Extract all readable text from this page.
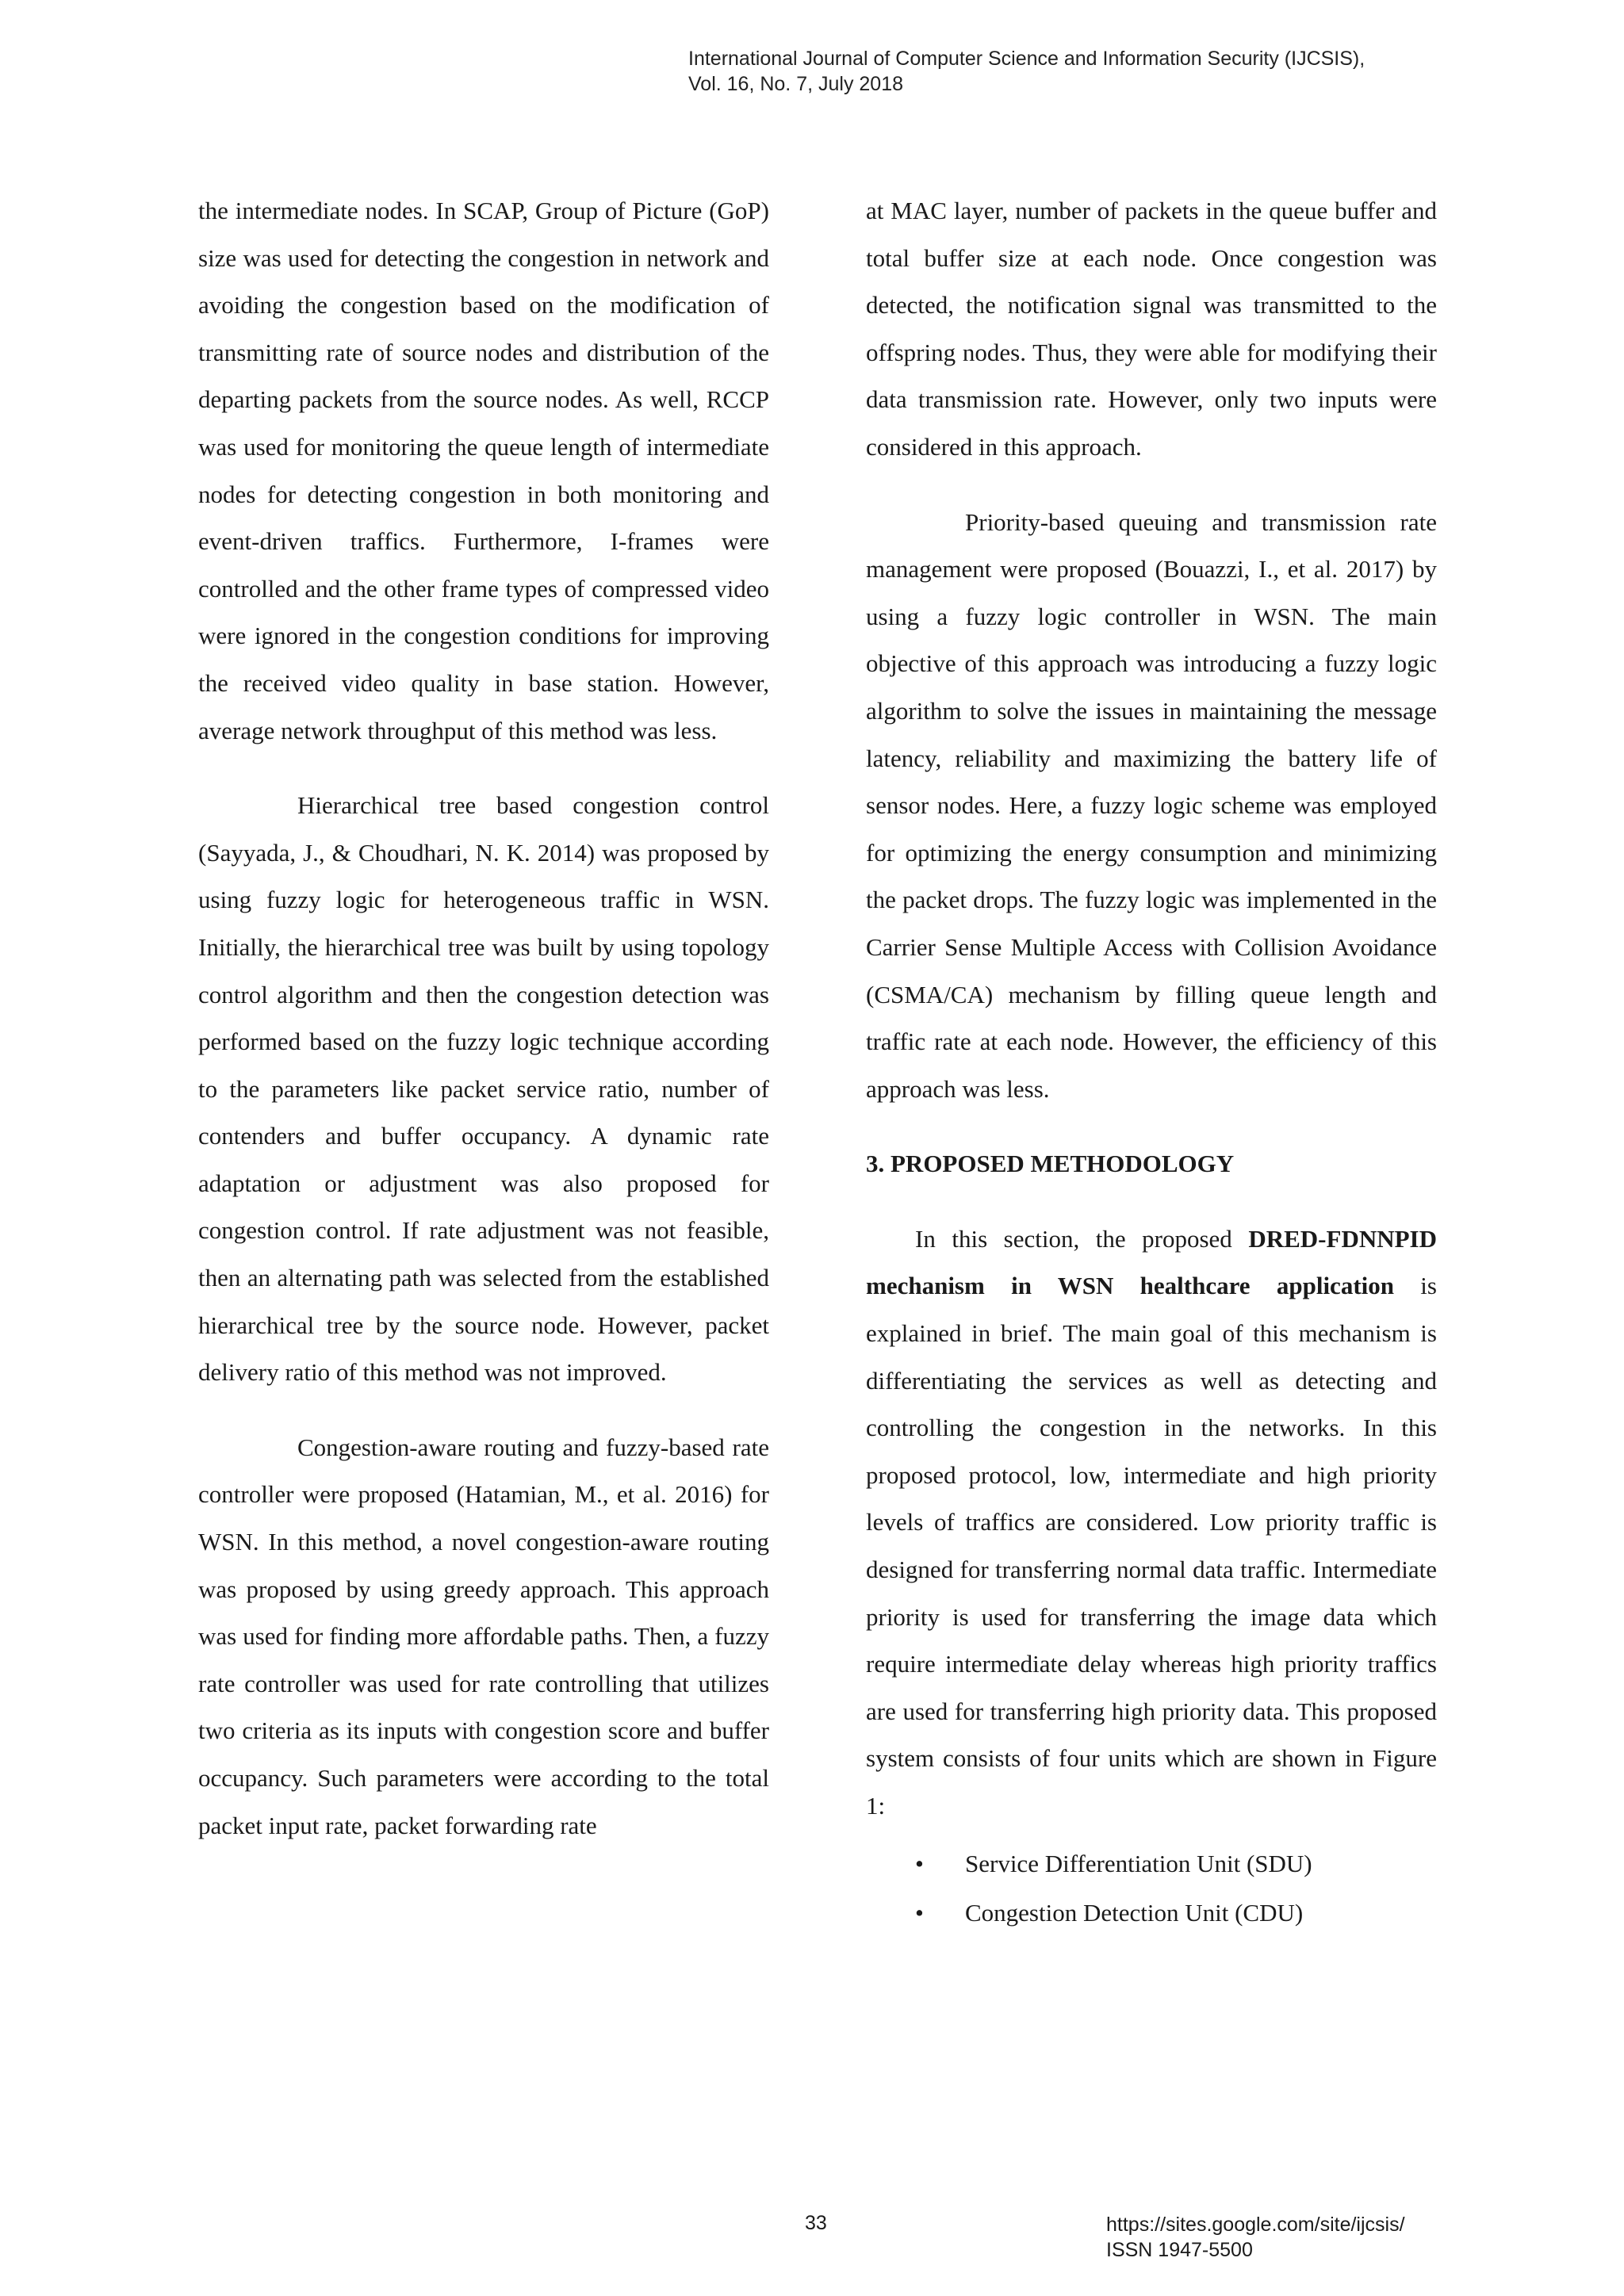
International Journal of Computer Science and Information Security (IJCSIS),
Vol. 16, No. 7, July 2018

the intermediate nodes. In SCAP, Group of Picture (GoP) size was used for detecting the congestion in network and avoiding the congestion based on the modification of transmitting rate of source nodes and distribution of the departing packets from the source nodes. As well, RCCP was used for monitoring the queue length of intermediate nodes for detecting congestion in both monitoring and event-driven traffics. Furthermore, I-frames were controlled and the other frame types of compressed video were ignored in the congestion conditions for improving the received video quality in base station. However, average network throughput of this method was less.

Hierarchical tree based congestion control (Sayyada, J., & Choudhari, N. K. 2014) was proposed by using fuzzy logic for heterogeneous traffic in WSN. Initially, the hierarchical tree was built by using topology control algorithm and then the congestion detection was performed based on the fuzzy logic technique according to the parameters like packet service ratio, number of contenders and buffer occupancy. A dynamic rate adaptation or adjustment was also proposed for congestion control. If rate adjustment was not feasible, then an alternating path was selected from the established hierarchical tree by the source node. However, packet delivery ratio of this method was not improved.

Congestion-aware routing and fuzzy-based rate controller were proposed (Hatamian, M., et al. 2016) for WSN. In this method, a novel congestion-aware routing was proposed by using greedy approach. This approach was used for finding more affordable paths. Then, a fuzzy rate controller was used for rate controlling that utilizes two criteria as its inputs with congestion score and buffer occupancy. Such parameters were according to the total packet input rate, packet forwarding rate

at MAC layer, number of packets in the queue buffer and total buffer size at each node. Once congestion was detected, the notification signal was transmitted to the offspring nodes. Thus, they were able for modifying their data transmission rate. However, only two inputs were considered in this approach.

Priority-based queuing and transmission rate management were proposed (Bouazzi, I., et al. 2017) by using a fuzzy logic controller in WSN. The main objective of this approach was introducing a fuzzy logic algorithm to solve the issues in maintaining the message latency, reliability and maximizing the battery life of sensor nodes. Here, a fuzzy logic scheme was employed for optimizing the energy consumption and minimizing the packet drops. The fuzzy logic was implemented in the Carrier Sense Multiple Access with Collision Avoidance (CSMA/CA) mechanism by filling queue length and traffic rate at each node. However, the efficiency of this approach was less.

3. PROPOSED METHODOLOGY

In this section, the proposed DRED-FDNNPID mechanism in WSN healthcare application is explained in brief. The main goal of this mechanism is differentiating the services as well as detecting and controlling the congestion in the networks. In this proposed protocol, low, intermediate and high priority levels of traffics are considered. Low priority traffic is designed for transferring normal data traffic. Intermediate priority is used for transferring the image data which require intermediate delay whereas high priority traffics are used for transferring high priority data. This proposed system consists of four units which are shown in Figure 1:

• Service Differentiation Unit (SDU)
• Congestion Detection Unit (CDU)
33	https://sites.google.com/site/ijcsis/
ISSN 1947-5500
